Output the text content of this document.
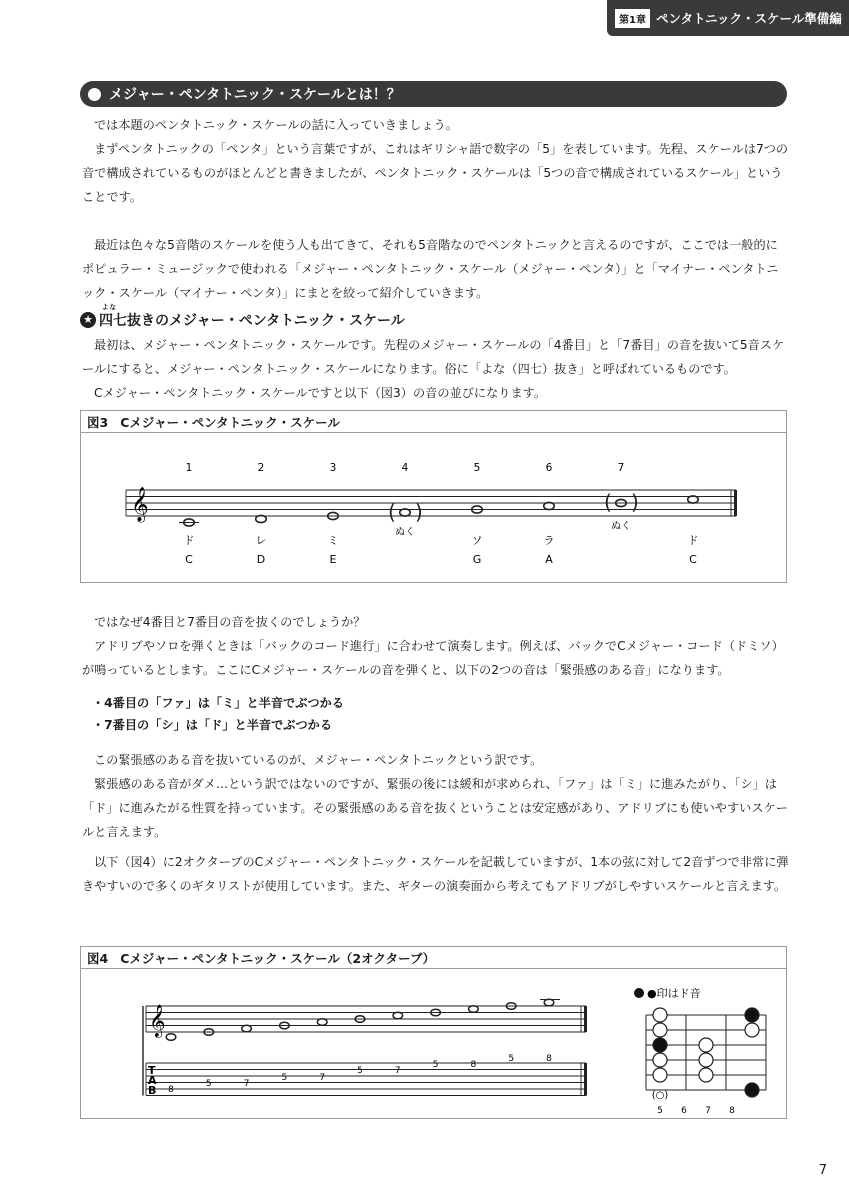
第1章 ペンタトニック・スケール準備編
メジャー・ペンタトニック・スケールとは！？

では本題のペンタトニック・スケールの話に入っていきましょう。

まずペンタトニックの「ペンタ」という言葉ですが、これはギリシャ語で数字の「5」を表しています。先程、スケールは7つの音で構成されているものがほとんどと書きましたが、ペンタトニック・スケールは「5つの音で構成されているスケール」ということです。

最近は色々な5音階のスケールを使う人も出てきて、それも5音階なのでペンタトニックと言えるのですが、ここでは一般的にポピュラー・ミュージックで使われる「メジャー・ペンタトニック・スケール（メジャー・ペンタ）」と「マイナー・ペンタトニック・スケール（マイナー・ペンタ）」にまとを絞って紹介していきます。

★
よな
四七抜きのメジャー・ペンタトニック・スケール

最初は、メジャー・ペンタトニック・スケールです。先程のメジャー・スケールの「4番目」と「7番目」の音を抜いて5音スケールにすると、メジャー・ペンタトニック・スケールになります。俗に「よな（四七）抜き」と呼ばれているものです。

Cメジャー・ペンタトニック・スケールですと以下（図3）の音の並びになります。

図3 Cメジャー・ペンタトニック・スケール
𝄞
1	2	3	4	5	6	7
( )	( )
ぬく
ぬく
ド	レ	ミ	ソ	ラ	ド
C	D	E	G	A	C

ではなぜ4番目と7番目の音を抜くのでしょうか？

アドリブやソロを弾くときは「バックのコード進行」に合わせて演奏します。例えば、バックでCメジャー・コード（ドミソ）が鳴っているとします。ここにCメジャー・スケールの音を弾くと、以下の2つの音は「緊張感のある音」になります。

・4番目の「ファ」は「ミ」と半音でぶつかる
・7番目の「シ」は「ド」と半音でぶつかる

この緊張感のある音を抜いているのが、メジャー・ペンタトニックという訳です。

緊張感のある音がダメ…という訳ではないのですが、緊張の後には緩和が求められ、「ファ」は「ミ」に進みたがり、「シ」は「ド」に進みたがる性質を持っています。その緊張感のある音を抜くということは安定感があり、アドリブにも使いやすいスケールと言えます。

以下（図4）に2オクターブのCメジャー・ペンタトニック・スケールを記載していますが、1本の弦に対して2音ずつで非常に弾きやすいので多くのギタリストが使用しています。また、ギターの演奏面から考えてもアドリブがしやすいスケールと言えます。

図4 Cメジャー・ペンタトニック・スケール（2オクターブ）
𝄞
T
A
B 8
5	7
5	7
5	7
5	8
5	8
●印はド音
(○)
5 6 7 8
7
